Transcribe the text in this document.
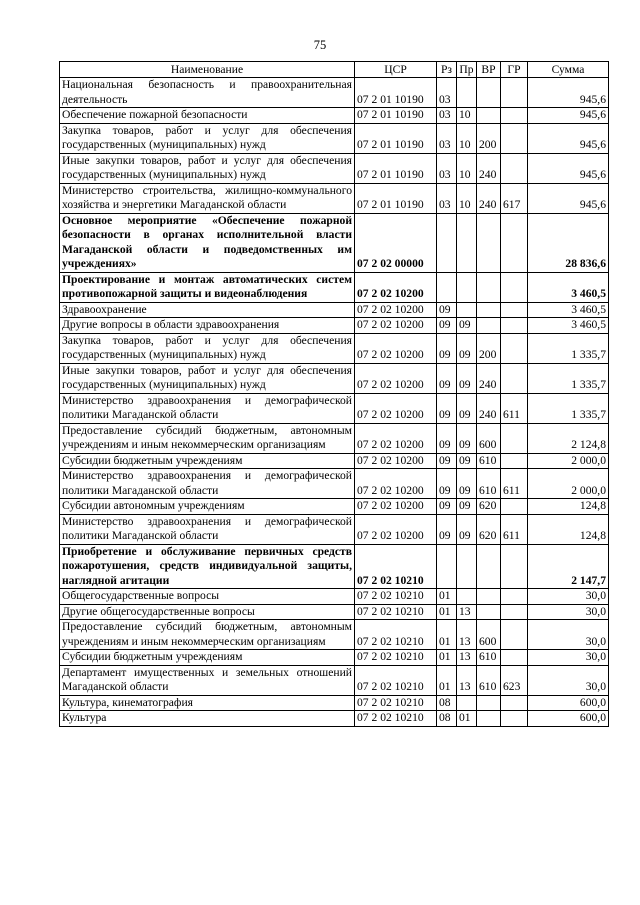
75
Наименование	ЦСР	Рз	Пр	ВР	ГР	Сумма
Национальная безопасность и правоохранительная деятельность	07 2 01 10190	03				945,6
Обеспечение пожарной безопасности	07 2 01 10190	03	10			945,6
Закупка товаров, работ и услуг для обеспечения государственных (муниципальных) нужд	07 2 01 10190	03	10	200		945,6
Иные закупки товаров, работ и услуг для обеспечения государственных (муниципальных) нужд	07 2 01 10190	03	10	240		945,6
Министерство строительства, жилищно-коммунального хозяйства и энергетики Магаданской области	07 2 01 10190	03	10	240	617	945,6
Основное мероприятие «Обеспечение пожарной безопасности в органах исполнительной власти Магаданской области и подведомственных им учреждениях»	07 2 02 00000					28 836,6
Проектирование и монтаж автоматических систем противопожарной защиты и видеонаблюдения	07 2 02 10200					3 460,5
Здравоохранение	07 2 02 10200	09				3 460,5
Другие вопросы в области здравоохранения	07 2 02 10200	09	09			3 460,5
Закупка товаров, работ и услуг для обеспечения государственных (муниципальных) нужд	07 2 02 10200	09	09	200		1 335,7
Иные закупки товаров, работ и услуг для обеспечения государственных (муниципальных) нужд	07 2 02 10200	09	09	240		1 335,7
Министерство здравоохранения и демографической политики Магаданской области	07 2 02 10200	09	09	240	611	1 335,7
Предоставление субсидий бюджетным, автономным учреждениям и иным некоммерческим организациям	07 2 02 10200	09	09	600		2 124,8
Субсидии бюджетным учреждениям	07 2 02 10200	09	09	610		2 000,0
Министерство здравоохранения и демографической политики Магаданской области	07 2 02 10200	09	09	610	611	2 000,0
Субсидии автономным учреждениям	07 2 02 10200	09	09	620		124,8
Министерство здравоохранения и демографической политики Магаданской области	07 2 02 10200	09	09	620	611	124,8
Приобретение и обслуживание первичных средств пожаротушения, средств индивидуальной защиты, наглядной агитации	07 2 02 10210					2 147,7
Общегосударственные вопросы	07 2 02 10210	01				30,0
Другие общегосударственные вопросы	07 2 02 10210	01	13			30,0
Предоставление субсидий бюджетным, автономным учреждениям и иным некоммерческим организациям	07 2 02 10210	01	13	600		30,0
Субсидии бюджетным учреждениям	07 2 02 10210	01	13	610		30,0
Департамент имущественных и земельных отношений Магаданской области	07 2 02 10210	01	13	610	623	30,0
Культура, кинематография	07 2 02 10210	08				600,0
Культура	07 2 02 10210	08	01			600,0
